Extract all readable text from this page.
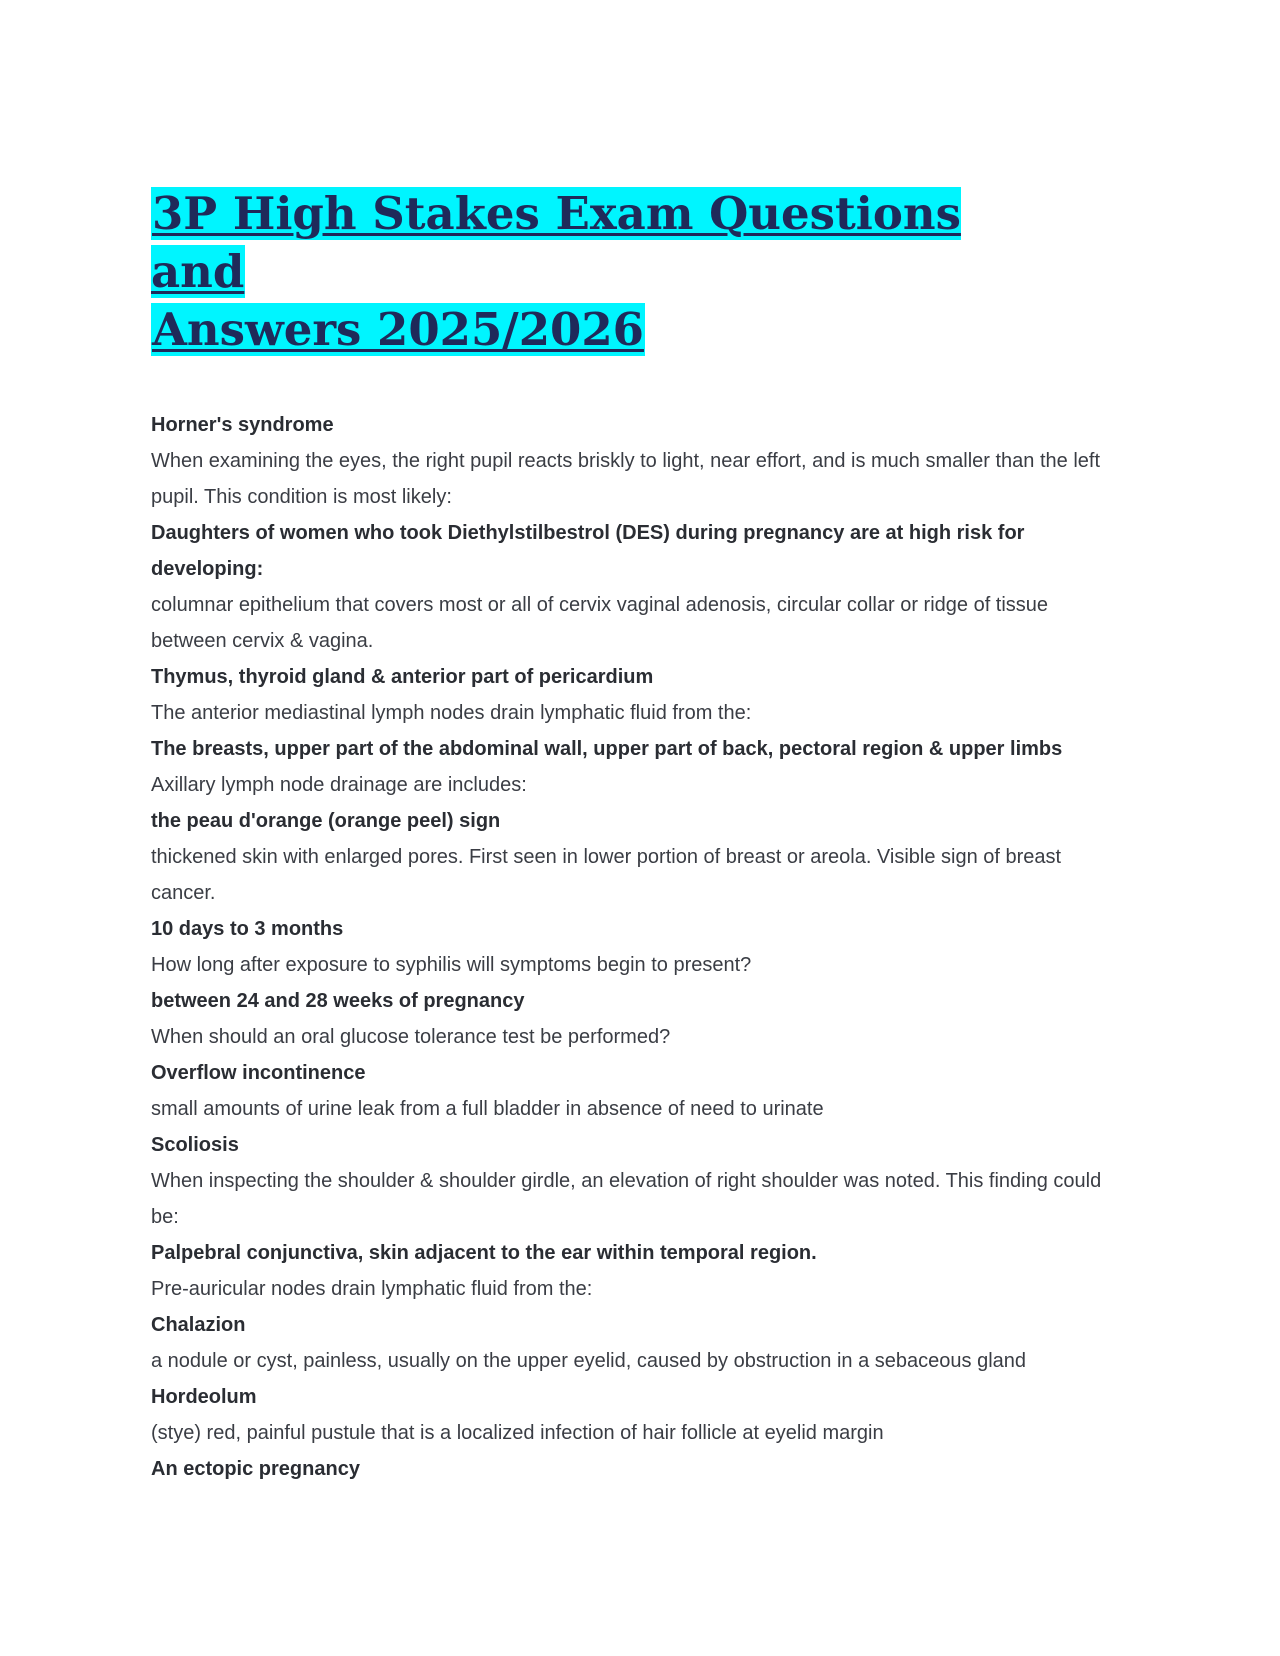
3P High Stakes Exam Questions and
Answers 2025/2026

Horner's syndrome

When examining the eyes, the right pupil reacts briskly to light, near effort, and is much smaller than the left pupil. This condition is most likely:

Daughters of women who took Diethylstilbestrol (DES) during pregnancy are at high risk for developing:

columnar epithelium that covers most or all of cervix vaginal adenosis, circular collar or ridge of tissue between cervix & vagina.

Thymus, thyroid gland & anterior part of pericardium

The anterior mediastinal lymph nodes drain lymphatic fluid from the:

The breasts, upper part of the abdominal wall, upper part of back, pectoral region & upper limbs

Axillary lymph node drainage are includes:

the peau d'orange (orange peel) sign

thickened skin with enlarged pores. First seen in lower portion of breast or areola. Visible sign of breast cancer.

10 days to 3 months

How long after exposure to syphilis will symptoms begin to present?

between 24 and 28 weeks of pregnancy

When should an oral glucose tolerance test be performed?

Overflow incontinence

small amounts of urine leak from a full bladder in absence of need to urinate

Scoliosis

When inspecting the shoulder & shoulder girdle, an elevation of right shoulder was noted. This finding could be:

Palpebral conjunctiva, skin adjacent to the ear within temporal region.

Pre-auricular nodes drain lymphatic fluid from the:

Chalazion

a nodule or cyst, painless, usually on the upper eyelid, caused by obstruction in a sebaceous gland

Hordeolum

(stye) red, painful pustule that is a localized infection of hair follicle at eyelid margin

An ectopic pregnancy
